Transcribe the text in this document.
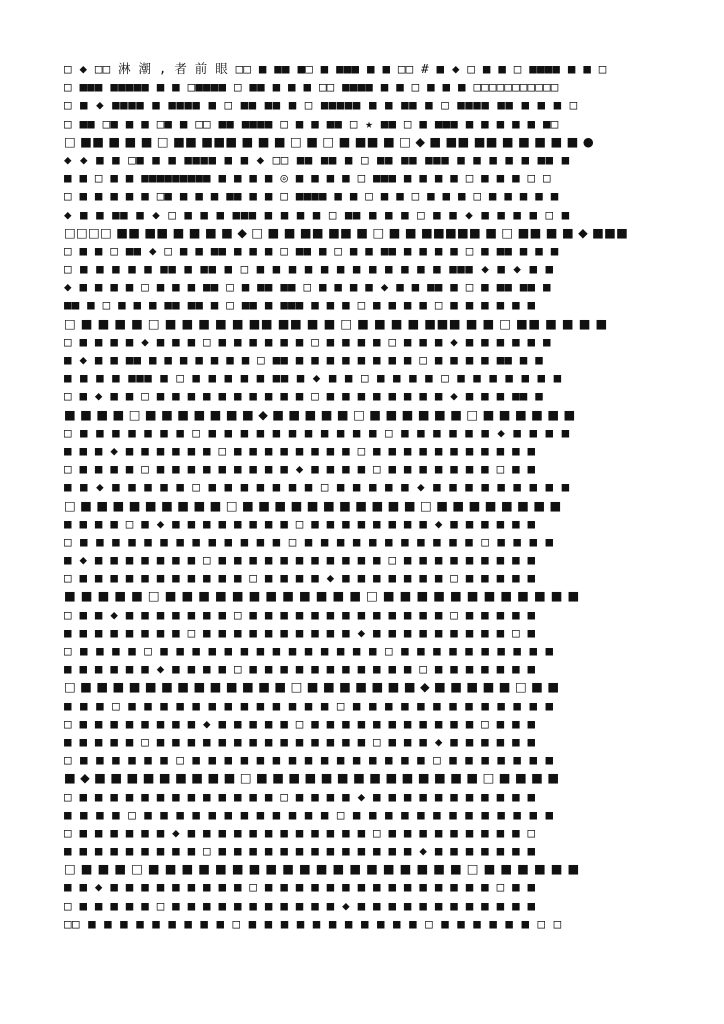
□ ◆ □□ 淋 潮 , 者 前 眼 □□ ■ ■■ ■□ ■ ■■■ ■ ■ □□ # ■ ◆ □ ■ ■ □ ■■■■ ■ ■ □
□ ■■■ ■■■■■ ■ ■ □■■■■ □ ■■ ■ ■ ■ □□ ■■■■ ■ ■ □ ■ ■ ■ □□□□□□□□□□□
□ ■ ◆ ■■■■ ■ ■■■■ ■ □ ■■ ■■ ■ □ ■■■■■ ■ ■ ■■ ■ □ ■■■■ ■■ ■ ■ ■ □
□ ■■ □■ ■ ■ □■ ■ □□ ■■ ■■■■ □ ■ ■ ■■ □ ★ ■■ □ ■ ■■■ ■ ■ ■ ■ ■ ■□
□ ■■ ■ ■ ■ □ ■■ ■■■ ■ ■ ■ □ ■ □ ■ ■■ ■ □ ◆ ■ ■■ ■■ ■ ■ ■ ■ ■ ●
◆ ◆ ■ ■ □■ ■ ■ ■■■■ ■ ■ ◆ □□ ■■ ■■ ■ □ ■■ ■■ ■■■ ■ ■ ■ ■ ■ ■■ ■
■ ■ □ ■ ■ ■■■■■■■■■ ■ ■ ■ ■ ◎ ■ ■ ■ ■ □ ■■■ ■ ■ ■ ■ □ ■ ■ ■ □ □
□ ■ ■ ■ ■ ■ □■ ■ ■ ■ ■■ ■ ■ □ ■■■■ ■ ■ □ ■ ■ □ ■ ■ ■ □ ■ ■ ■ ■ ■
◆ ■ ■ ■■ ■ ◆ □ ■ ■ ■ ■■■ ■ ■ ■ ■ □ ■■ ■ ■ ■ □ ■ ■ ◆ ■ ■ ■ ■ □ ■
□□□□ ■■ ■■ ■ ■ ■ ■ ◆ □ ■ ■ ■■ ■■ ■ □ ■ ■ ■■■■■ ■ □ ■■ ■ ■ ◆ ■■■
□ ■ ■ □ ■■ ◆ □ ■ ■ ■■ ■ ■ ■ □ ■■ ■ □ ■ ■ ■■ ■ ■ ■ ■ □ ■ ■■ ■ ■ ■
□ ■ ■ ■ ■ ■ ■■ ■ ■■ ■ □ ■ ■ ■ ■ ■ ■ ■ ■ ■ ■ ■ ■ ■■■ ◆ ■ ◆ ■ ■
◆ ■ ■ ■ ■ □ ■ ■ ■ ■■ □ ■ ■■ ■■ □ ■ ■ ■ ■ ◆ ■ ■ ■■ ■ □ ■ ■■ ■■ ■
■■ ■ □ ■ ■ ■ ■■ ■■ ■ □ ■■ ■ ■■■ ■ ■ ■ □ ■ ■ ■ ■ □ ■ ■ ■ ■ ■ ■
□ ■ ■ ■ ■ □ ■ ■ ■ ■ ■ ■■ ■■ ■ ■ □ ■ ■ ■ ■ ■■■ ■ ■ □ ■■ ■ ■ ■ ■
□ ■ ■ ■ ■ ◆ ■ ■ ■ □ ■ ■ ■ ■ ■ ■ □ ■ ■ ■ ■ □ ■ ■ ■ ◆ ■ ■ ■ ■ ■ ■
■ ◆ ■ ■ ■■ ■ ■ ■ ■ ■ ■ ■ □ ■■ ■ ■ ■ ■ ■ ■ ■ ■ □ ■ ■ ■ ■ ■■ ■ ■
■ ■ ■ ■ ■■■ ■ □ ■ ■ ■ ■ ■ ■■ ■ ◆ ■ ■ □ ■ ■ ■ ■ □ ■ ■ ■ ■ ■ ■ ■
□ ■ ◆ ■ ■ □ ■ ■ ■ ■ ■ ■ ■ ■ ■ ■ □ ■ ■ ■ ■ ■ ■ ■ ■ ◆ ■ ■ ■ ■■ ■
■ ■ ■ ■ □ ■ ■ ■ ■ ■ ■ ■ ◆ ■ ■ ■ ■ ■ □ ■ ■ ■ ■ ■ ■ □ ■ ■ ■ ■ ■ ■
□ ■ ■ ■ ■ ■ ■ ■ □ ■ ■ ■ ■ ■ ■ ■ ■ ■ ■ ■ □ ■ ■ ■ ■ ■ ■ ◆ ■ ■ ■ ■
■ ■ ■ ◆ ■ ■ ■ ■ ■ ■ □ ■ ■ ■ ■ ■ ■ ■ ■ □ ■ ■ ■ ■ ■ ■ ■ ■ ■ ■ ■
□ ■ ■ ■ ■ □ ■ ■ ■ ■ ■ ■ ■ ■ ■ ◆ ■ ■ ■ ■ □ ■ ■ ■ ■ ■ ■ ■ □ ■ ■
■ ■ ◆ ■ ■ ■ ■ ■ □ ■ ■ ■ ■ ■ ■ ■ □ ■ ■ ■ ■ ■ ◆ ■ ■ ■ ■ ■ ■ ■ ■ ■
□ ■ ■ ■ ■ ■ ■ ■ ■ ■ □ ■ ■ ■ ■ ■ ■ ■ ■ ■ ■ ■ □ ■ ■ ■ ■ ■ ■ ■ ■
■ ■ ■ ■ □ ■ ◆ ■ ■ ■ ■ ■ ■ ■ ■ □ ■ ■ ■ ■ ■ ■ ■ ■ ◆ ■ ■ ■ ■ ■ ■
□ ■ ■ ■ ■ ■ ■ ■ ■ ■ ■ ■ ■ ■ □ ■ ■ ■ ■ ■ ■ ■ ■ ■ ■ ■ □ ■ ■ ■ ■
■ ◆ ■ ■ ■ ■ ■ ■ ■ □ ■ ■ ■ ■ ■ ■ ■ ■ ■ ■ ■ □ ■ ■ ■ ■ ■ ■ ■ ■ ■
□ ■ ■ ■ ■ ■ ■ ■ ■ ■ ■ ■ □ ■ ■ ■ ■ ◆ ■ ■ ■ ■ ■ ■ ■ □ ■ ■ ■ ■ ■
■ ■ ■ ■ ■ □ ■ ■ ■ ■ ■ ■ ■ ■ ■ ■ ■ ■ □ ■ ■ ■ ■ ■ ■ ■ ■ ■ ■ ■ ■
□ ■ ■ ◆ ■ ■ ■ ■ ■ ■ ■ □ ■ ■ ■ ■ ■ ■ ■ ■ ■ ■ ■ ■ ■ □ ■ ■ ■ ■ ■
■ ■ ■ ■ ■ ■ ■ ■ □ ■ ■ ■ ■ ■ ■ ■ ■ ■ ■ ◆ ■ ■ ■ ■ ■ ■ ■ ■ ■ □ ■
□ ■ ■ ■ ■ □ ■ ■ ■ ■ ■ ■ ■ ■ ■ ■ ■ ■ ■ ■ □ ■ ■ ■ ■ ■ ■ ■ ■ ■ ■
■ ■ ■ ■ ■ ■ ◆ ■ ■ ■ ■ □ ■ ■ ■ ■ ■ ■ ■ ■ ■ ■ ■ □ ■ ■ ■ ■ ■ ■ ■
□ ■ ■ ■ ■ ■ ■ ■ ■ ■ ■ ■ ■ ■ □ ■ ■ ■ ■ ■ ■ ■ ◆ ■ ■ ■ ■ ■ □ ■ ■
■ ■ ■ □ ■ ■ ■ ■ ■ ■ ■ ■ ■ ■ ■ ■ ■ □ ■ ■ ■ ■ ■ ■ ■ ■ ■ ■ ■ ■ ■
□ ■ ■ ■ ■ ■ ■ ■ ■ ◆ ■ ■ ■ ■ ■ □ ■ ■ ■ ■ ■ ■ ■ ■ ■ ■ ■ □ ■ ■ ■
■ ■ ■ ■ ■ □ ■ ■ ■ ■ ■ ■ ■ ■ ■ ■ ■ ■ ■ ■ □ ■ ■ ■ ◆ ■ ■ ■ ■ ■ ■
□ ■ ■ ■ ■ ■ ■ □ ■ ■ ■ ■ ■ ■ ■ ■ ■ ■ ■ ■ ■ ■ ■ □ ■ ■ ■ ■ ■ ■ ■
■ ◆ ■ ■ ■ ■ ■ ■ ■ ■ ■ □ ■ ■ ■ ■ ■ ■ ■ ■ ■ ■ ■ ■ ■ ■ □ ■ ■ ■ ■
□ ■ ■ ■ ■ ■ ■ ■ ■ ■ ■ ■ ■ ■ □ ■ ■ ■ ■ ◆ ■ ■ ■ ■ ■ ■ ■ ■ ■ ■ ■
■ ■ ■ ■ □ ■ ■ ■ ■ ■ ■ ■ ■ ■ ■ ■ ■ □ ■ ■ ■ ■ ■ ■ ■ ■ ■ ■ ■ ■ ■
□ ■ ■ ■ ■ ■ ■ ◆ ■ ■ ■ ■ ■ ■ ■ ■ ■ ■ ■ ■ □ ■ ■ ■ ■ ■ ■ ■ ■ ■ □
■ ■ ■ ■ ■ ■ ■ ■ ■ □ ■ ■ ■ ■ ■ ■ ■ ■ ■ ■ ■ ■ ■ ◆ ■ ■ ■ ■ ■ ■ ■
□ ■ ■ ■ □ ■ ■ ■ ■ ■ ■ ■ ■ ■ ■ ■ ■ ■ ■ ■ ■ ■ ■ ■ □ ■ ■ ■ ■ ■ ■
■ ■ ◆ ■ ■ ■ ■ ■ ■ ■ ■ ■ □ ■ ■ ■ ■ ■ ■ ■ ■ ■ ■ ■ ■ ■ ■ ■ □ ■ ■
□ ■ ■ ■ ■ ■ □ ■ ■ ■ ■ ■ ■ ■ ■ ■ ■ ■ ◆ ■ ■ ■ ■ ■ ■ ■ ■ ■ ■ ■ ■
□□ ■ ■ ■ ■ ■ ■ ■ ■ ■ □ ■ ■ ■ ■ ■ ■ ■ ■ ■ ■ ■ □ ■ ■ ■ ■ ■ ■ □ □
